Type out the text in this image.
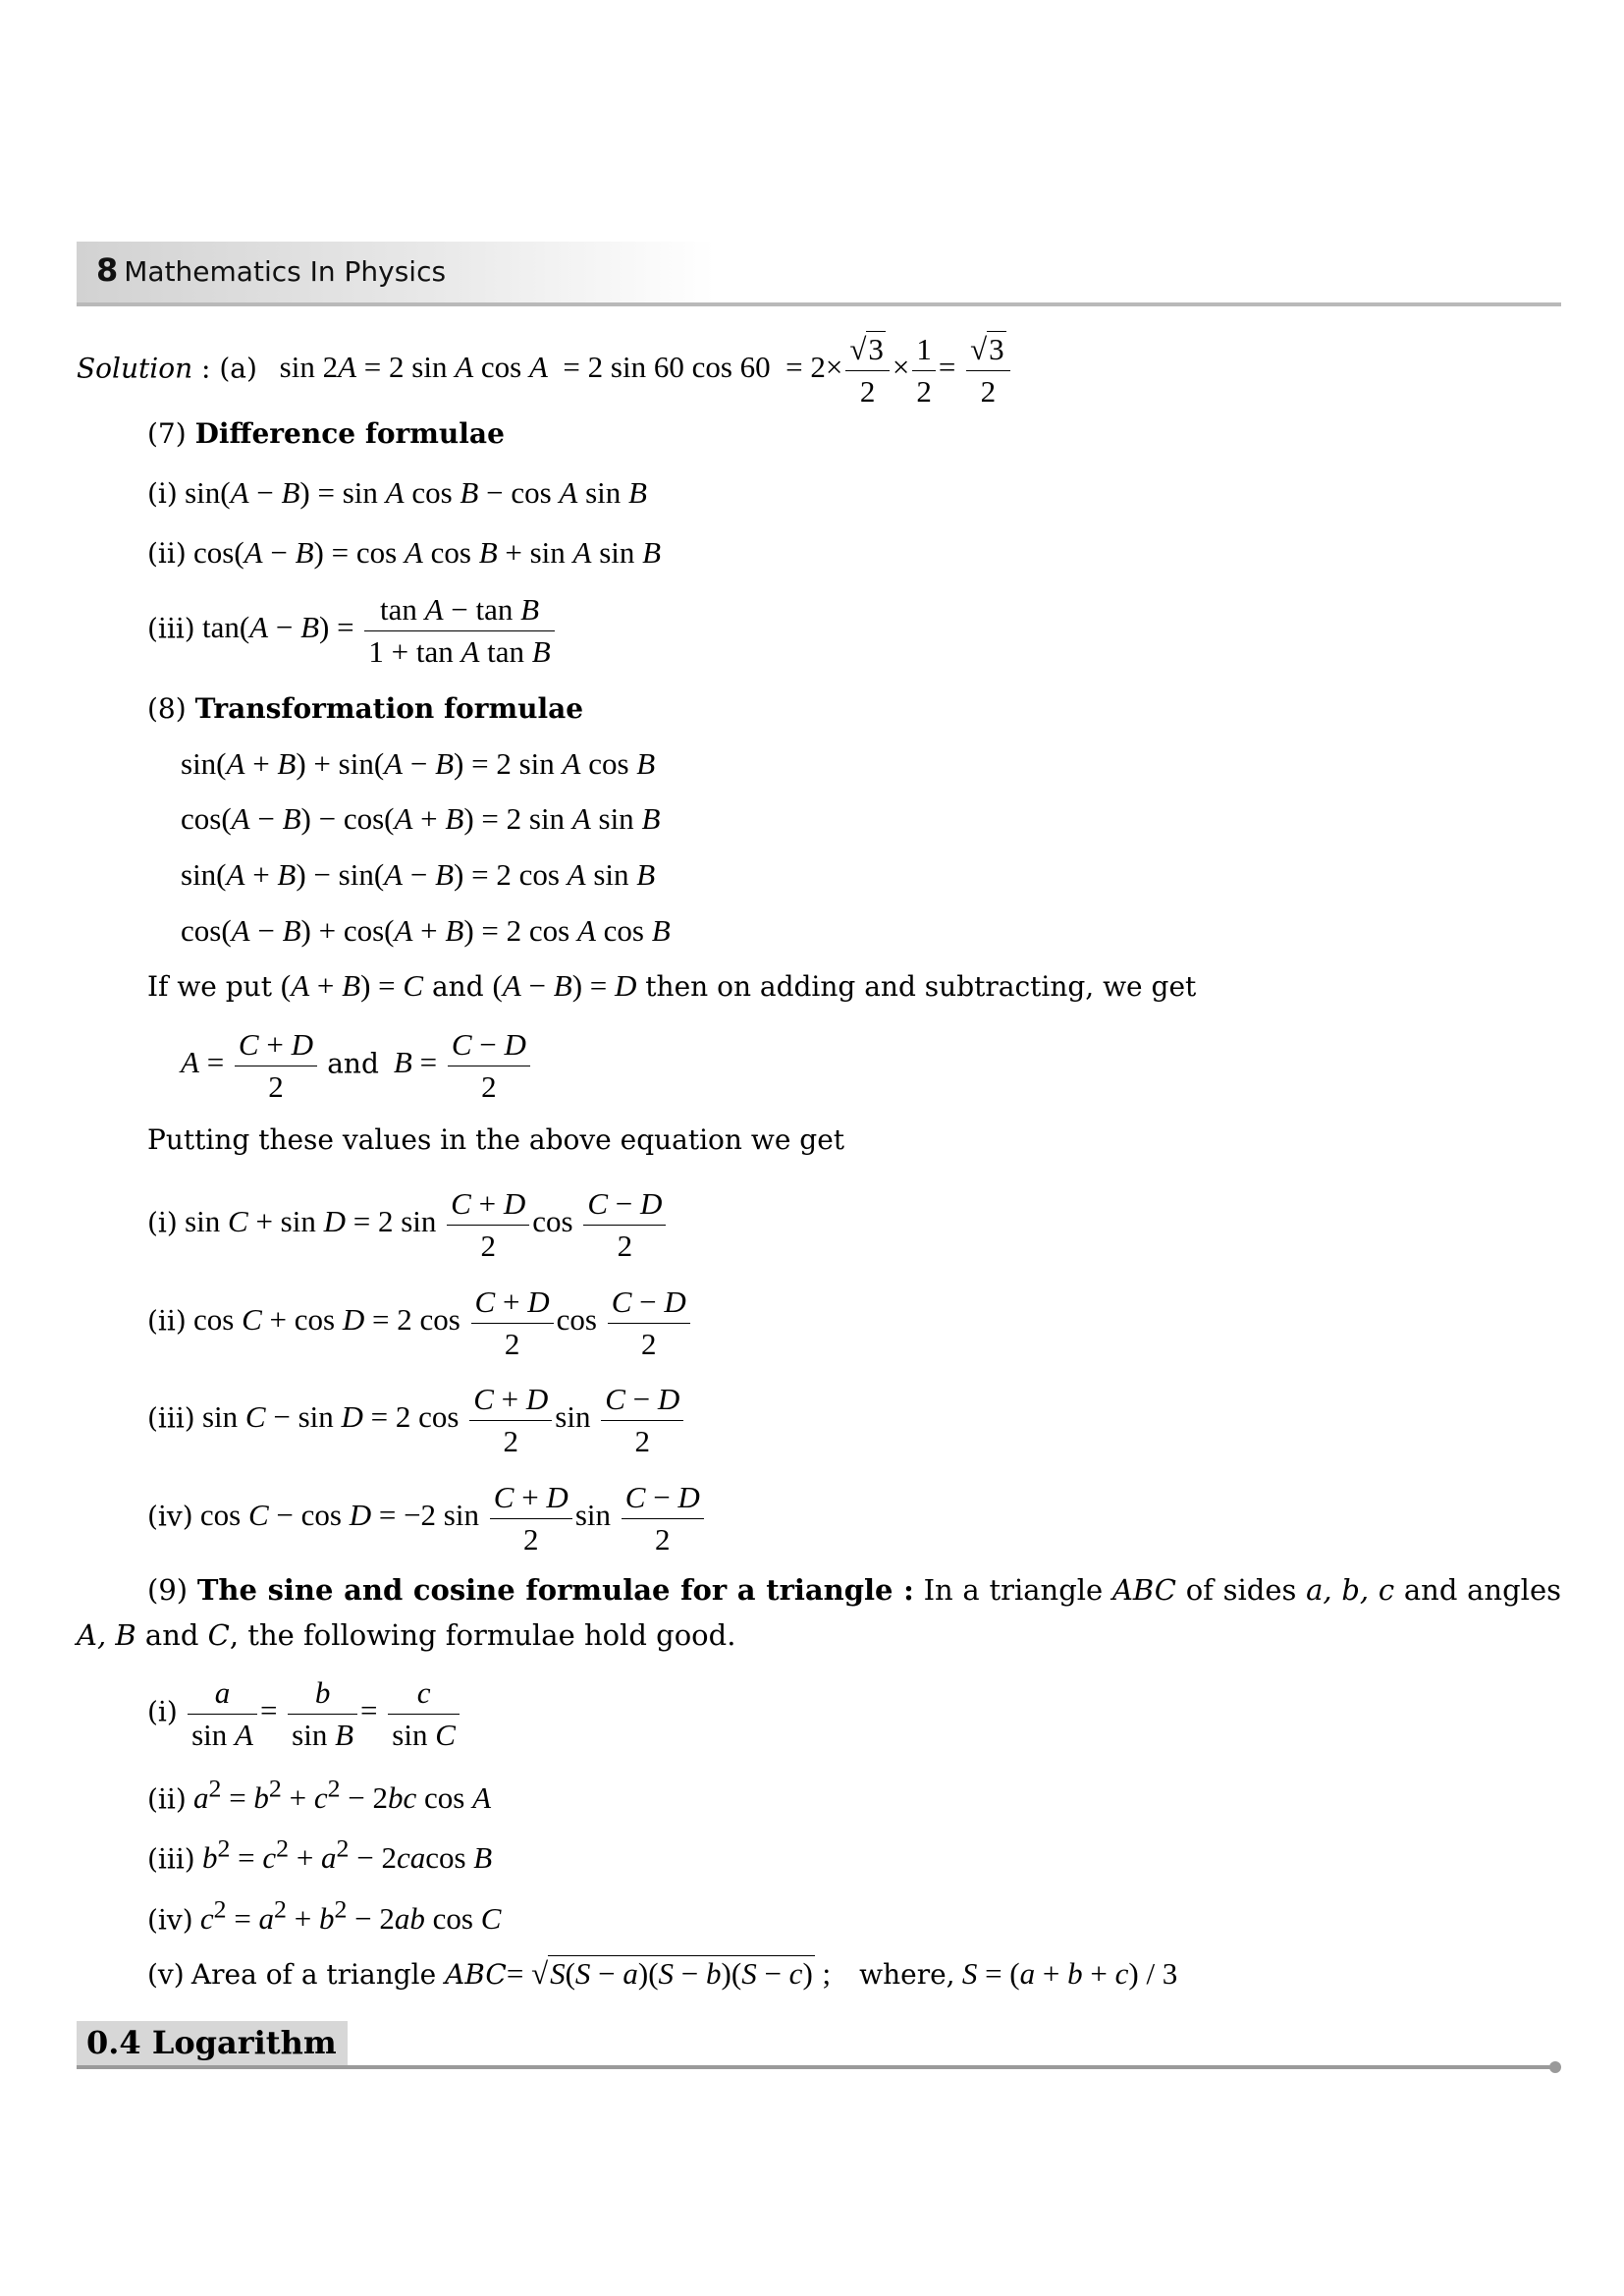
8 Mathematics In Physics
Solution : (a)   sin 2A = 2 sin A cos A  = 2 sin 60 $\cos 60 = 2\times \frac{√3}{2} \times \frac{1}{2} = \frac{√3}{2}$
(7) Difference formulae
(i) sin(A − B) = sin A cos B − cos A sin B
(ii) cos(A − B) = cos A cos B + sin A sin B
(iii) $\tan(A - B) = \frac{\text{tan A − tan B}}{\text{1 + tan A tan B}}$
(8) Transformation formulae
sin(A + B) + sin(A − B) = 2 sin A cos B
cos(A − B) − cos(A + B) = 2 sin A sin B
sin(A + B) − sin(A − B) = 2 cos A sin B
cos(A − B) + cos(A + B) = 2 cos A cos B
If we put (A + B) = C and (A − B) = D then on adding and subtracting, we get
$A = \frac{C + D}{2}$ and $B = \frac{C - D}{2}$
Putting these values in the above equation we get
(i) sin C + sin D = 2 $\sin \frac{C + D}{2}$ $\cos \frac{C - D}{2}$
(ii) cos C + cos D = 2 $\cos \frac{C + D}{2}$ $\cos \frac{C - D}{2}$
(iii) sin C − sin D = 2 $\cos \frac{C + D}{2}$ $\sin \frac{C - D}{2}$
(iv) cos C − cos D = −2 $\sin \frac{C + D}{2}$ $\sin \frac{C - D}{2}$

(9) The sine and cosine formulae for a triangle : In a triangle ABC of sides a, b, c and angles A, B and C, the following formulae hold good.

$(i) \frac{a}{\text{sin A}} = \frac{b}{\text{sin B}} = \frac{c}{\text{sin C}}$
(ii) $a^2 = b^2 + c^2 - 2bc$ cos A
(iii) $b^2 = c^2 + a^2 - 2cacos$ B
(iv) $c^2 = a^2 + b^2 - 2ab$ cos C
(v) Area of a triangle ABC= √S(S − a)(S − b)(S − c) ; where, S = (a + b + c) / 3
0.4 Logarithm
